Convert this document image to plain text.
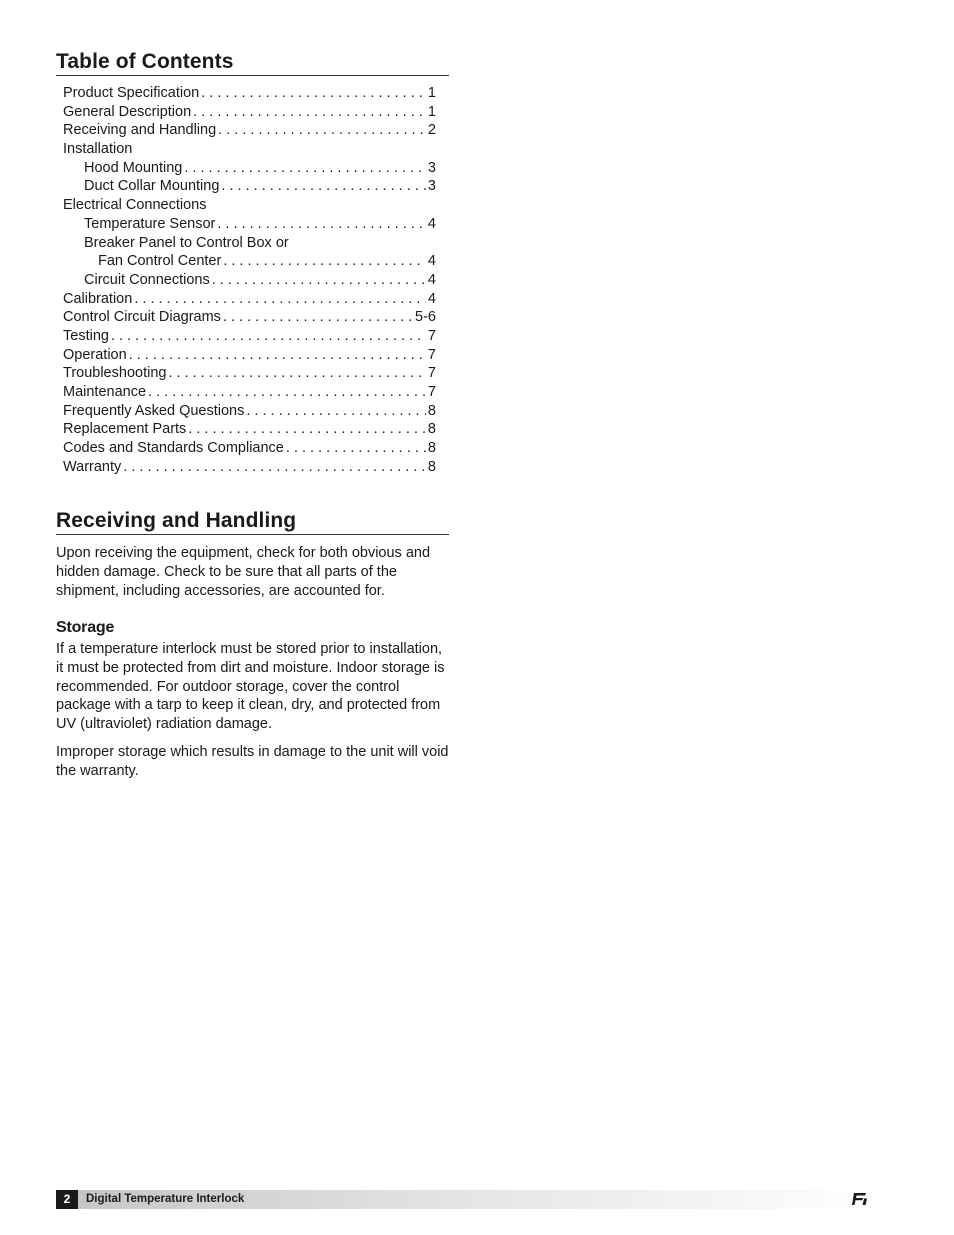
Table of Contents
Product Specification . . .	1
General Description . . .	1
Receiving and Handling . . .	2
Installation
Hood Mounting . . .	3
Duct Collar Mounting . . .	3
Electrical Connections
Temperature Sensor . . .	4
Breaker Panel to Control Box or
Fan Control Center . . .	4
Circuit Connections . . .	4
Calibration . . .	4
Control Circuit Diagrams . . .	5-6
Testing . . .	7
Operation . . .	7
Troubleshooting . . .	7
Maintenance . . .	7
Frequently Asked Questions . . .	8
Replacement Parts . . .	8
Codes and Standards Compliance . . .	8
Warranty . . .	8
Receiving and Handling

Upon receiving the equipment, check for both obvious and hidden damage. Check to be sure that all parts of the shipment, including accessories, are accounted for.

Storage

If a temperature interlock must be stored prior to installation, it must be protected from dirt and moisture. Indoor storage is recommended. For outdoor storage, cover the control package with a tarp to keep it clean, dry, and protected from UV (ultraviolet) radiation damage.

Improper storage which results in damage to the unit will void the warranty.

2	Digital Temperature Interlock
